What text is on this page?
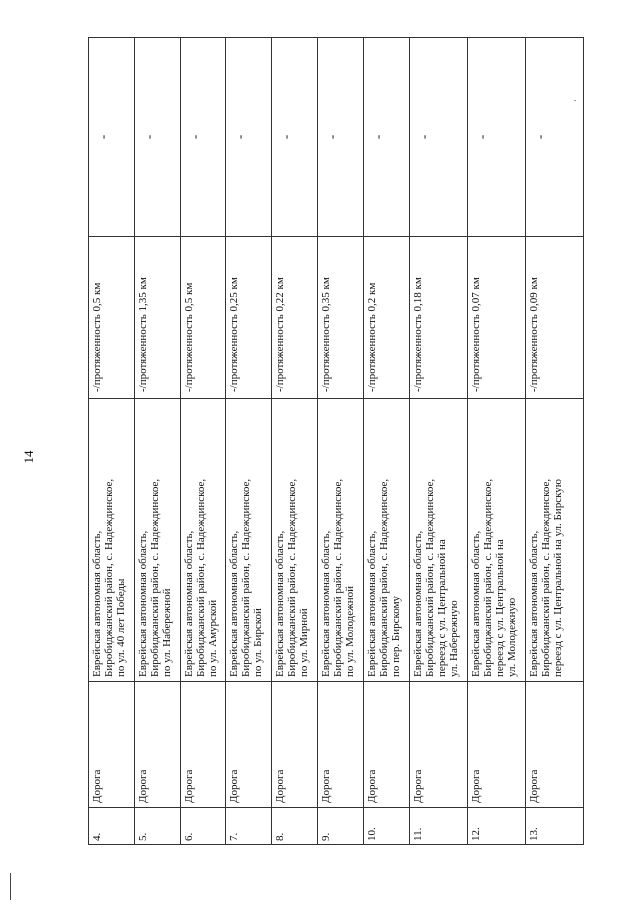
14
4.	Дорога	Еврейская автономная область, Биробиджанский район, с. Надеждинское, по ул. 40 лет Победы	-/протяженность 0,5 км	-
5.	Дорога	Еврейская автономная область, Биробиджанский район, с. Надеждинское, по ул. Набережной	-/протяженность 1,35 км	-
6.	Дорога	Еврейская автономная область, Биробиджанский район, с. Надеждинское, по ул. Амурской	-/протяженность 0,5 км	-
7.	Дорога	Еврейская автономная область, Биробиджанский район, с. Надеждинское, по ул. Бирской	-/протяженность 0,25 км	-
8.	Дорога	Еврейская автономная область, Биробиджанский район, с. Надеждинское, по ул. Мирной	-/протяженность 0,22 км	-
9.	Дорога	Еврейская автономная область, Биробиджанский район, с. Надеждинское, по ул. Молодежной	-/протяженность 0,35 км	-
10.	Дорога	Еврейская автономная область, Биробиджанский район, с. Надеждинское, по пер. Бирскому	-/протяженность 0,2 км	-
11.	Дорога	Еврейская автономная область, Биробиджанский район, с. Надеждинское, переезд с ул. Центральной на ул. Набережную	-/протяженность 0,18 км	-
12.	Дорога	Еврейская автономная область, Биробиджанский район, с. Надеждинское, переезд с ул. Центральной на ул. Молодежную	-/протяженность 0,07 км	-
13.	Дорога	Еврейская автономная область, Биробиджанский район, с. Надеждинское, переезд с ул. Центральной на ул. Бирскую	-/протяженность 0,09 км	-
